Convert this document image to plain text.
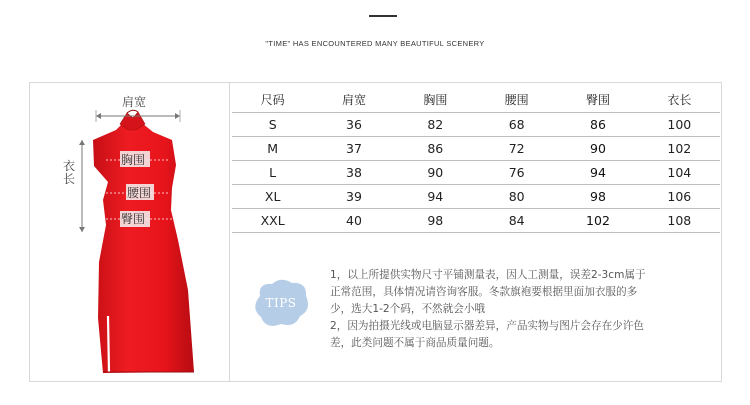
"TIME" HAS ENCOUNTERED MANY BEAUTIFUL SCENERY
肩宽
衣长
胸围
腰围
臀围
尺码	肩宽	胸围	腰围	臀围	衣长
S	36	82	68	86	100
M	37	86	72	90	102
L	38	90	76	94	104
XL	39	94	80	98	106
XXL	40	98	84	102	108
TIPS

1，以上所提供实物尺寸平铺测量表，因人工测量，误差2-3cm属于

正常范围，具体情况请咨询客服。冬款旗袍要根据里面加衣服的多

少，选大1-2个码，不然就会小哦

2，因为拍摄光线或电脑显示器差异，产品实物与图片会存在少许色

差，此类问题不属于商品质量问题。
